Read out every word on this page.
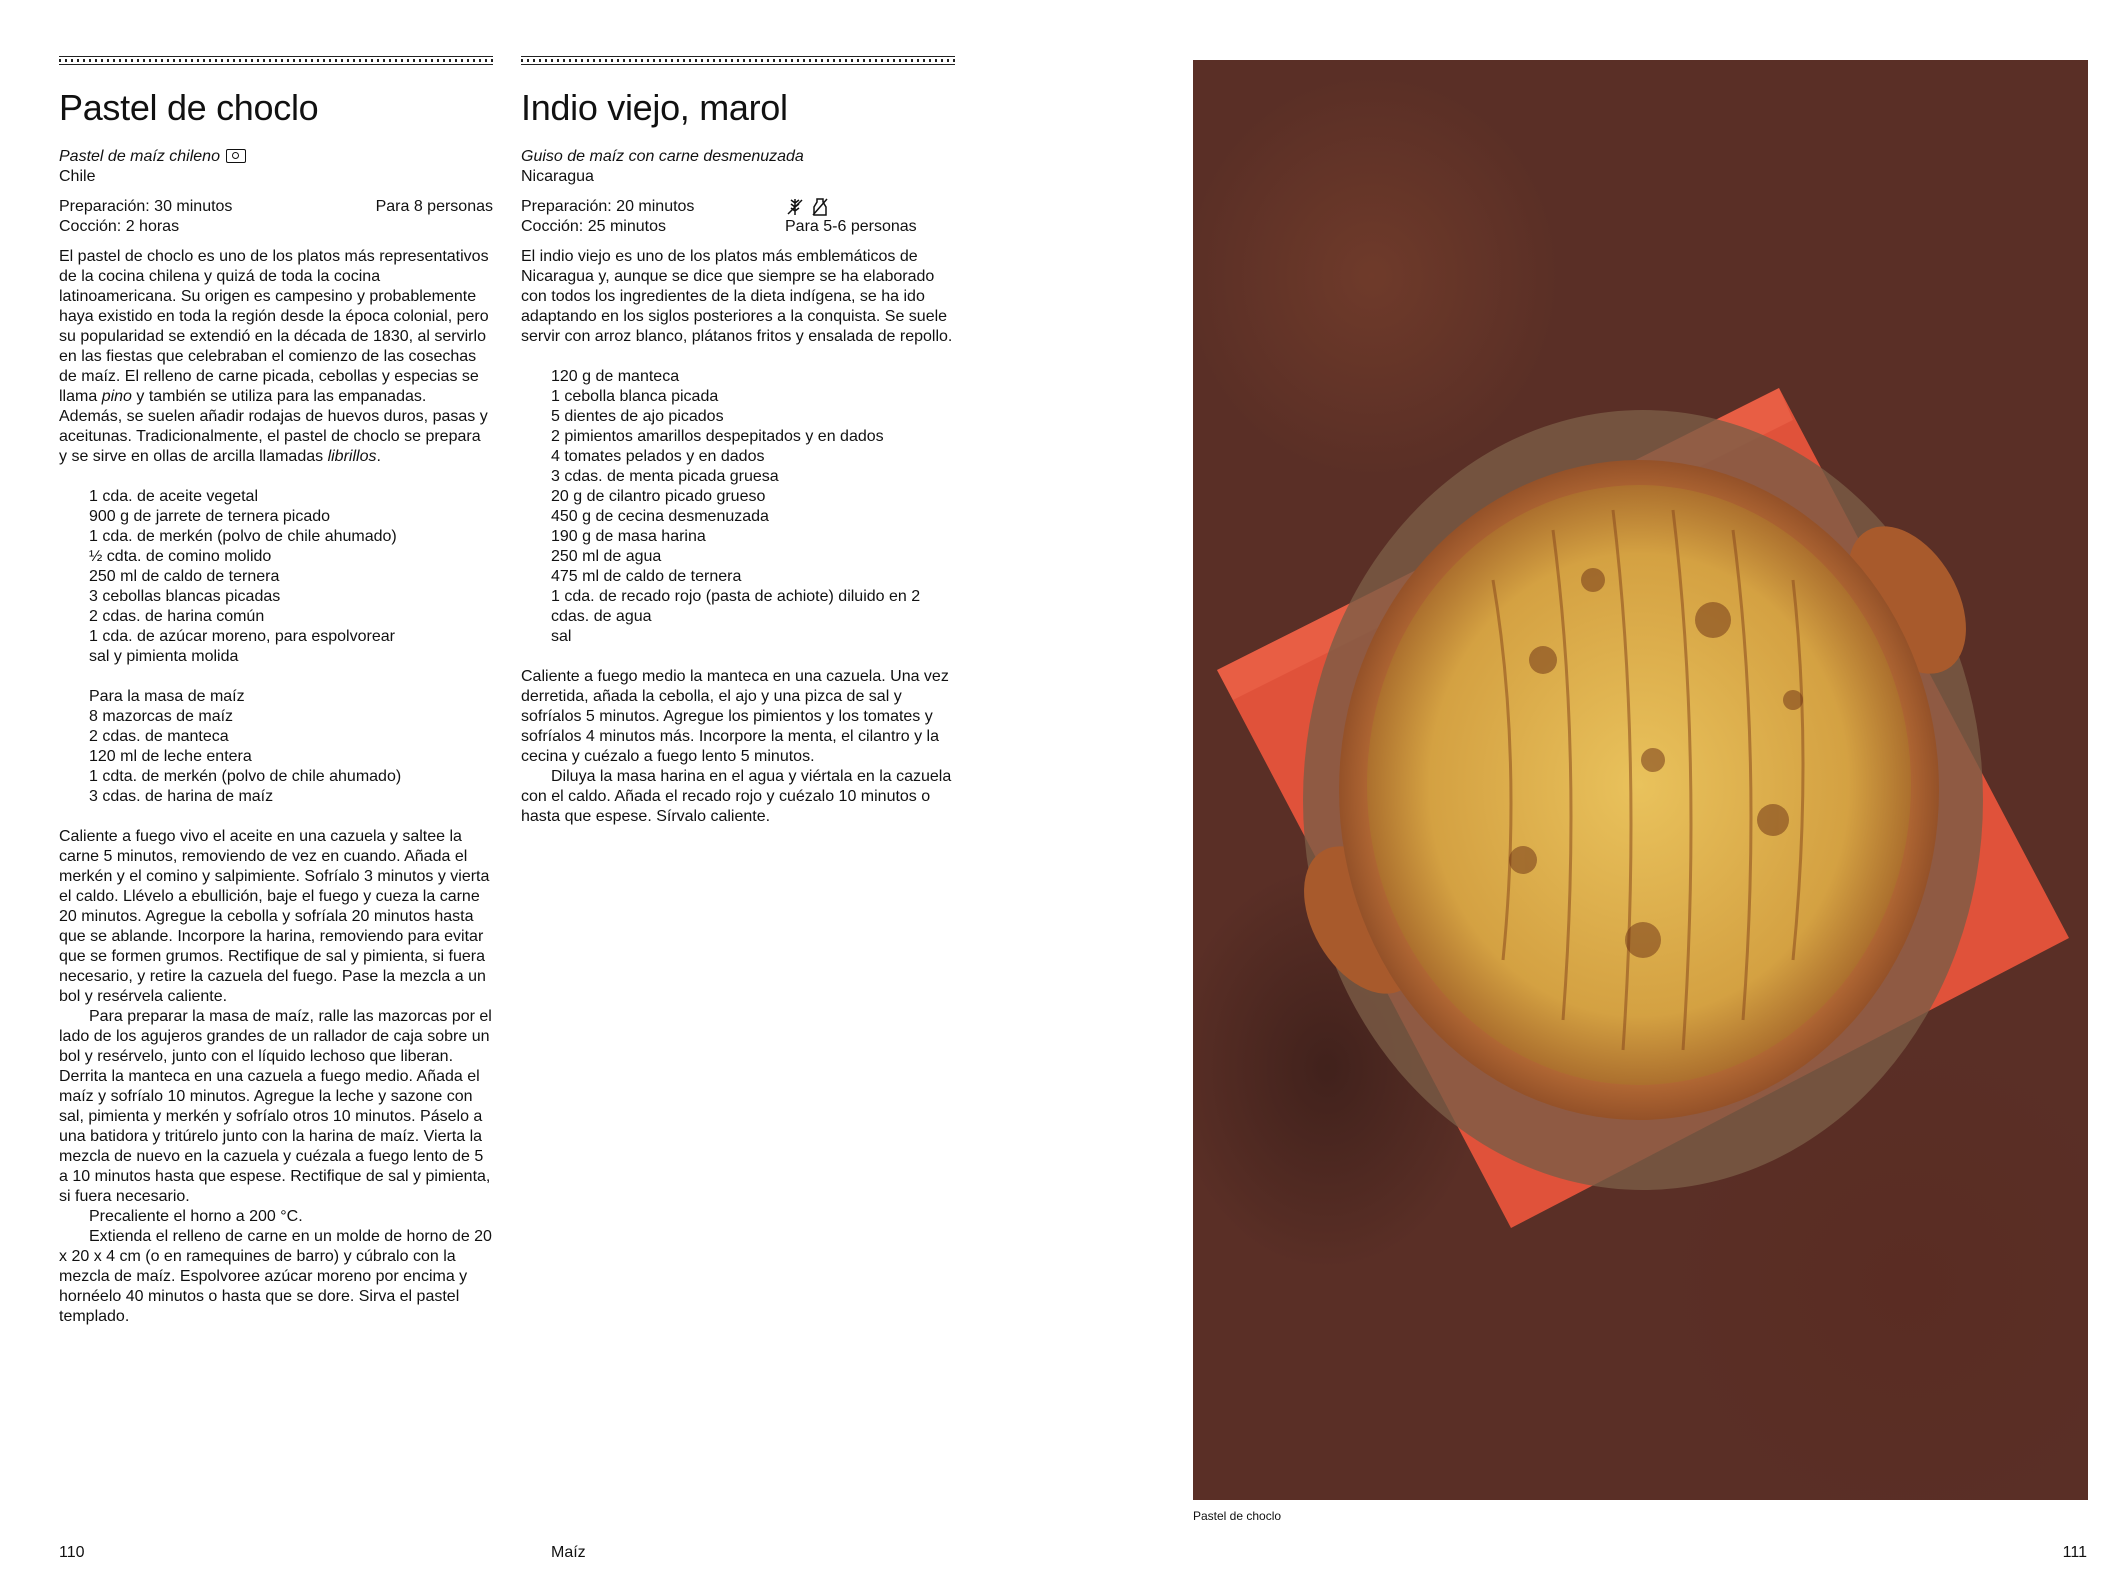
Pastel de choclo
Pastel de maíz chileno
Chile
Preparación: 30 minutos
Cocción: 2 horas
Para 8 personas

El pastel de choclo es uno de los platos más representativos de la cocina chilena y quizá de toda la cocina latinoamericana. Su origen es campesino y probablemente haya existido en toda la región desde la época colonial, pero su popularidad se extendió en la década de 1830, al servirlo en las fiestas que celebraban el comienzo de las cosechas de maíz. El relleno de carne picada, cebollas y especias se llama pino y también se utiliza para las empanadas. Además, se suelen añadir rodajas de huevos duros, pasas y aceitunas. Tradicionalmente, el pastel de choclo se prepara y se sirve en ollas de arcilla llamadas librillos.

1 cda. de aceite vegetal
900 g de jarrete de ternera picado
1 cda. de merkén (polvo de chile ahumado)
½ cdta. de comino molido
250 ml de caldo de ternera
3 cebollas blancas picadas
2 cdas. de harina común
1 cda. de azúcar moreno, para espolvorear
sal y pimienta molida
Para la masa de maíz
8 mazorcas de maíz
2 cdas. de manteca
120 ml de leche entera
1 cdta. de merkén (polvo de chile ahumado)
3 cdas. de harina de maíz

Caliente a fuego vivo el aceite en una cazuela y saltee la carne 5 minutos, removiendo de vez en cuando. Añada el merkén y el comino y salpimiente. Sofríalo 3 minutos y vierta el caldo. Llévelo a ebullición, baje el fuego y cueza la carne 20 minutos. Agregue la cebolla y sofríala 20 minutos hasta que se ablande. Incorpore la harina, removiendo para evitar que se formen grumos. Rectifique de sal y pimienta, si fuera necesario, y retire la cazuela del fuego. Pase la mezcla a un bol y resérvela caliente.

Para preparar la masa de maíz, ralle las mazorcas por el lado de los agujeros grandes de un rallador de caja sobre un bol y resérvelo, junto con el líquido lechoso que liberan. Derrita la manteca en una cazuela a fuego medio. Añada el maíz y sofríalo 10 minutos. Agregue la leche y sazone con sal, pimienta y merkén y sofríalo otros 10 minutos. Páselo a una batidora y tritúrelo junto con la harina de maíz. Vierta la mezcla de nuevo en la cazuela y cuézala a fuego lento de 5 a 10 minutos hasta que espese. Rectifique de sal y pimienta, si fuera necesario.

Precaliente el horno a 200 °C.

Extienda el relleno de carne en un molde de horno de 20 x 20 x 4 cm (o en ramequines de barro) y cúbralo con la mezcla de maíz. Espolvoree azúcar moreno por encima y hornéelo 40 minutos o hasta que se dore. Sirva el pastel templado.

Indio viejo, marol
Guiso de maíz con carne desmenuzada
Nicaragua
Preparación: 20 minutos
Cocción: 25 minutos	Para 5-6 personas

El indio viejo es uno de los platos más emblemáticos de Nicaragua y, aunque se dice que siempre se ha elaborado con todos los ingredientes de la dieta indígena, se ha ido adaptando en los siglos posteriores a la conquista. Se suele servir con arroz blanco, plátanos fritos y ensalada de repollo.

120 g de manteca
1 cebolla blanca picada
5 dientes de ajo picados
2 pimientos amarillos despepitados y en dados
4 tomates pelados y en dados
3 cdas. de menta picada gruesa
20 g de cilantro picado grueso
450 g de cecina desmenuzada
190 g de masa harina
250 ml de agua
475 ml de caldo de ternera
1 cda. de recado rojo (pasta de achiote) diluido en 2 cdas. de agua
sal

Caliente a fuego medio la manteca en una cazuela. Una vez derretida, añada la cebolla, el ajo y una pizca de sal y sofríalos 5 minutos. Agregue los pimientos y los tomates y sofríalos 4 minutos más. Incorpore la menta, el cilantro y la cecina y cuézalo a fuego lento 5 minutos.

Diluya la masa harina en el agua y viértala en la cazuela con el caldo. Añada el recado rojo y cuézalo 10 minutos o hasta que espese. Sírvalo caliente.

Pastel de choclo
110	Maíz	111
